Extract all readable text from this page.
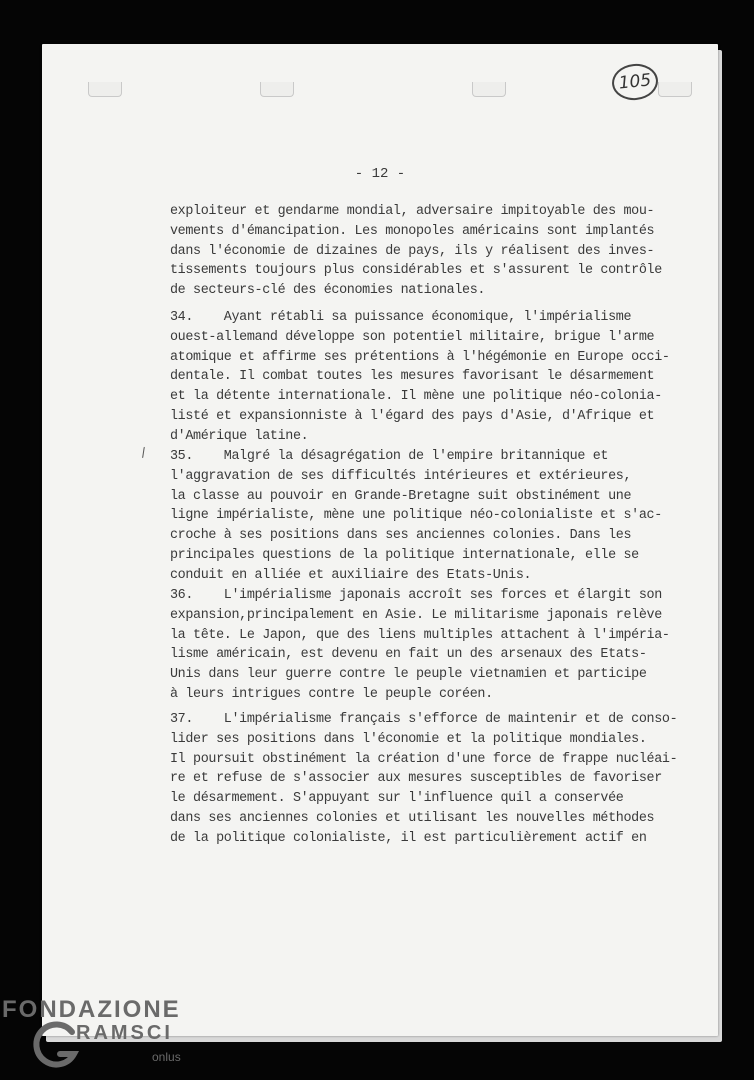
105
- 12 -
/
exploiteur et gendarme mondial, adversaire impitoyable des mou-
vements d'émancipation. Les monopoles américains sont implantés
dans l'économie de dizaines de pays, ils y réalisent des inves-
tissements toujours plus considérables et s'assurent le contrôle
de secteurs-clé des économies nationales.
34.    Ayant rétabli sa puissance économique, l'impérialisme
ouest-allemand développe son potentiel militaire, brigue l'arme
atomique et affirme ses prétentions à l'hégémonie en Europe occi-
dentale. Il combat toutes les mesures favorisant le désarmement
et la détente internationale. Il mène une politique néo-colonia-
listé et expansionniste à l'égard des pays d'Asie, d'Afrique et
d'Amérique latine.
35.    Malgré la désagrégation de l'empire britannique et
l'aggravation de ses difficultés intérieures et extérieures,
la classe au pouvoir en Grande-Bretagne suit obstinément une
ligne impérialiste, mène une politique néo-colonialiste et s'ac-
croche à ses positions dans ses anciennes colonies. Dans les
principales questions de la politique internationale, elle se
conduit en alliée et auxiliaire des Etats-Unis.
36.    L'impérialisme japonais accroît ses forces et élargit son
expansion,principalement en Asie. Le militarisme japonais relève
la tête. Le Japon, que des liens multiples attachent à l'impéria-
lisme américain, est devenu en fait un des arsenaux des Etats-
Unis dans leur guerre contre le peuple vietnamien et participe
à leurs intrigues contre le peuple coréen.
37.    L'impérialisme français s'efforce de maintenir et de conso-
lider ses positions dans l'économie et la politique mondiales.
Il poursuit obstinément la création d'une force de frappe nucléai-
re et refuse de s'associer aux mesures susceptibles de favoriser
le désarmement. S'appuyant sur l'influence quil a conservée
dans ses anciennes colonies et utilisant les nouvelles méthodes
de la politique colonialiste, il est particulièrement actif en
FONDAZIONE
RAMSCI
onlus
